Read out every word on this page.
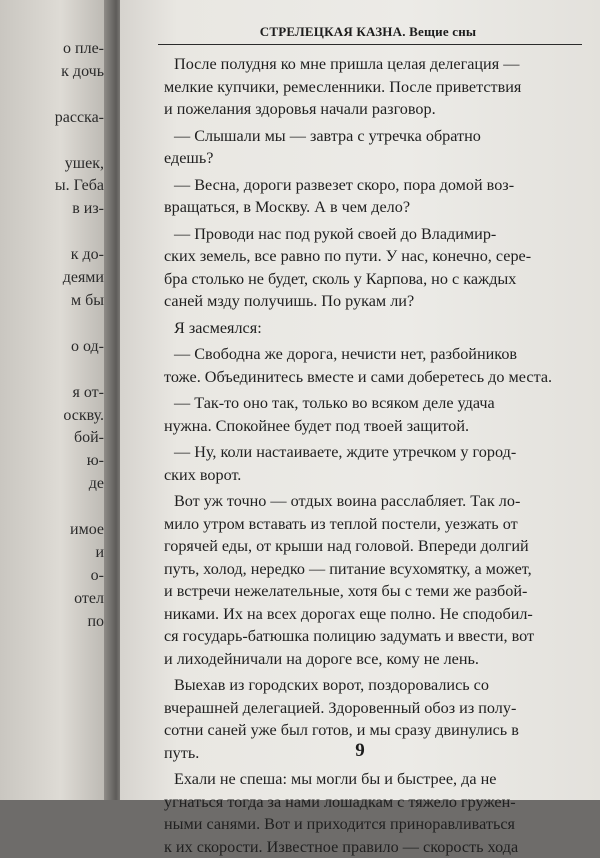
о пле-
к дочь

расска-

ушек,
ы. Геба
в из-

к до-
деями
м бы

о од-

я от-
оскву.
бой-
ю-
де

имое
и
о-
отел
по
СТРЕЛЕЦКАЯ КАЗНА. Вещие сны
После полудня ко мне пришла целая делегация —
мелкие купчики, ремесленники. После приветствия
и пожелания здоровья начали разговор.
— Слышали мы — завтра с утречка обратно
едешь?
— Весна, дороги развезет скоро, пора домой воз-
вращаться, в Москву. А в чем дело?
— Проводи нас под рукой своей до Владимир-
ских земель, все равно по пути. У нас, конечно, сере-
бра столько не будет, сколь у Карпова, но с каждых
саней мзду получишь. По рукам ли?
Я засмеялся:
— Свободна же дорога, нечисти нет, разбойников
тоже. Объединитесь вместе и сами доберетесь до места.
— Так-то оно так, только во всяком деле удача
нужна. Спокойнее будет под твоей защитой.
— Ну, коли настаиваете, ждите утречком у город-
ских ворот.
Вот уж точно — отдых воина расслабляет. Так ло-
мило утром вставать из теплой постели, уезжать от
горячей еды, от крыши над головой. Впереди долгий
путь, холод, нередко — питание всухомятку, а может,
и встречи нежелательные, хотя бы с теми же разбой-
никами. Их на всех дорогах еще полно. Не сподобил-
ся государь-батюшка полицию задумать и ввести, вот
и лиходейничали на дороге все, кому не лень.
Выехав из городских ворот, поздоровались со
вчерашней делегацией. Здоровенный обоз из полу-
сотни саней уже был готов, и мы сразу двинулись в
путь.
Ехали не спеша: мы могли бы и быстрее, да не
угнаться тогда за нами лошадкам с тяжело гружен-
ными санями. Вот и приходится приноравливаться
к их скорости. Известное правило — скорость хода
9
